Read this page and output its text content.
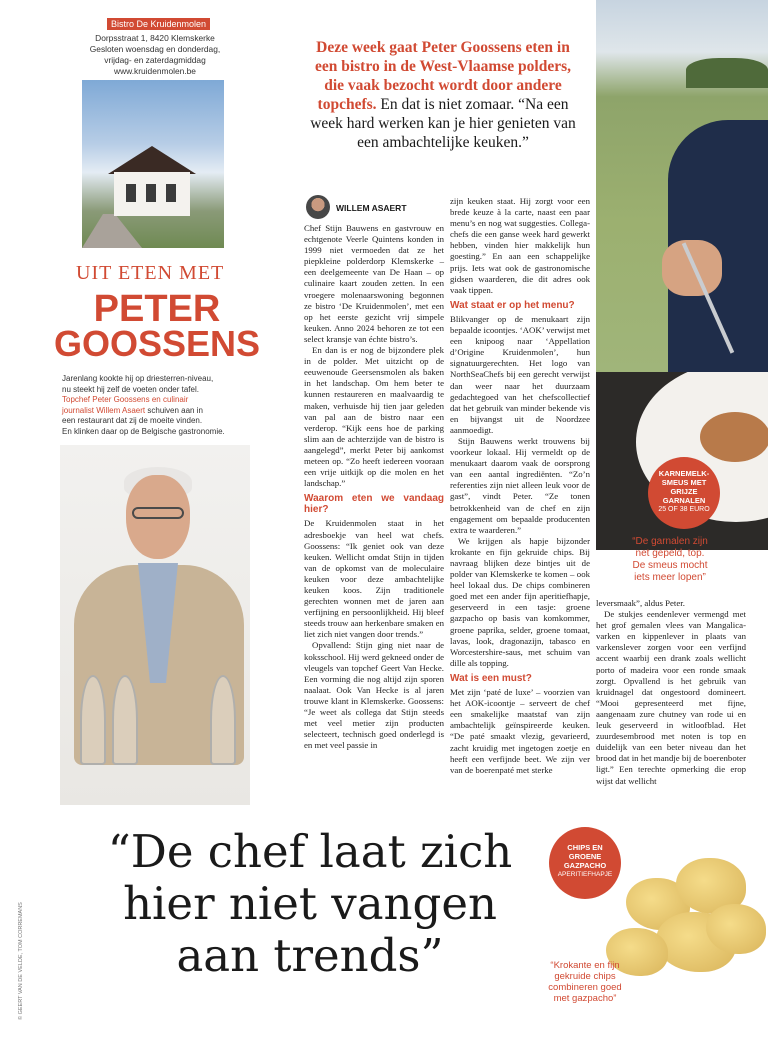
Bistro De Kruidenmolen
Dorpsstraat 1, 8420 Klemskerke
Gesloten woensdag en donderdag,
vrijdag- en zaterdagmiddag
www.kruidenmolen.be
UIT ETEN MET
PETER
GOOSSENS
Jarenlang kookte hij op driesterren-niveau,
nu steekt hij zelf de voeten onder tafel.
Topchef Peter Goossens en culinair
journalist Willem Asaert schuiven aan in
een restaurant dat zij de moeite vinden.
En klinken daar op de Belgische gastronomie.
Deze week gaat Peter Goossens eten in een bistro in de West-Vlaamse polders, die vaak bezocht wordt door andere topchefs. En dat is niet zomaar. “Na een week hard werken kan je hier genieten van een ambachtelijke keuken.”
WILLEM ASAERT

Chef Stijn Bauwens en gastvrouw en echtgenote Veerle Quintens konden in 1999 niet vermoeden dat ze het piepkleine polderdorp Klemskerke – een deelgemeente van De Haan – op culinaire kaart zouden zetten. In een vroegere molenaarswoning begonnen ze bistro ‘De Kruidenmolen’, met een op het eerste gezicht vrij simpele keuken. Anno 2024 behoren ze tot een select kransje van échte bistro’s.

En dan is er nog de bijzondere plek in de polder. Met uitzicht op de eeuwenoude Geersensmolen als baken in het landschap. Om hem beter te kunnen restaureren en maalvaardig te maken, verhuisde hij tien jaar geleden van pal aan de bistro naar een verderop. “Kijk eens hoe de parking slim aan de achterzijde van de bistro is aangelegd”, merkt Peter bij aankomst meteen op. “Zo heeft iedereen vooraan een vrije uitkijk op die molen en het landschap.”

Waarom eten we vandaag hier?

De Kruidenmolen staat in het adresboekje van heel wat chefs. Goossens: “Ik geniet ook van deze keuken. Wellicht omdat Stijn in tijden van de opkomst van de moleculaire keuken voor deze ambachtelijke keuken koos. Zijn traditionele gerechten wonnen met de jaren aan verfijning en persoonlijkheid. Hij bleef steeds trouw aan herkenbare smaken en liet zich niet vangen door trends.”

Opvallend: Stijn ging niet naar de koksschool. Hij werd gekneed onder de vleugels van topchef Geert Van Hecke. Een vorming die nog altijd zijn sporen naalaat. Ook Van Hecke is al jaren trouwe klant in Klemskerke. Goossens: “Je weet als collega dat Stijn steeds met veel metier zijn producten selecteert, technisch goed onderlegd is en met veel passie in

zijn keuken staat. Hij zorgt voor een brede keuze à la carte, naast een paar menu’s en nog wat suggesties. Collega-chefs die een ganse week hard gewerkt hebben, vinden hier makkelijk hun goesting.” En aan een schappelijke prijs. Iets wat ook de gastronomische gidsen waarderen, die dit adres ook vaak tippen.

Wat staat er op het menu?

Blikvanger op de menukaart zijn bepaalde icoontjes. ‘AOK’ verwijst met een knipoog naar ‘Appellation d’Origine Kruidenmolen’, hun signatuurgerechten. Het logo van NorthSeaChefs bij een gerecht verwijst dan weer naar het duurzaam gedachtegoed van het chefscollectief dat het gebruik van minder bekende vis en bijvangst uit de Noordzee aanmoedigt.

Stijn Bauwens werkt trouwens bij voorkeur lokaal. Hij vermeldt op de menukaart daarom vaak de oorsprong van een aantal ingrediënten. “Zo’n referenties zijn niet alleen leuk voor de gast”, vindt Peter. “Ze tonen betrokkenheid van de chef en zijn engagement om bepaalde producenten extra te waarderen.”

We krijgen als hapje bijzonder krokante en fijn gekruide chips. Bij navraag blijken deze bintjes uit de polder van Klemskerke te komen – ook heel lokaal dus. De chips combineren goed met een ander fijn aperitiefhapje, geserveerd in een tasje: groene gazpacho op basis van komkommer, groene paprika, selder, groene tomaat, lavas, look, dragonazijn, tabasco en Worcestershire-saus, met schuim van dille als topping.

Wat is een must?

Met zijn ‘paté de luxe’ – voorzien van het AOK-icoontje – serveert de chef een smakelijke maatstaf van zijn ambachtelijk geïnspireerde keuken. “De paté smaakt vlezig, gevarieerd, zacht kruidig met ingetogen zoetje en heeft een verfijnde beet. We zijn ver van de boerenpaté met sterke

leversmaak”, aldus Peter.

De stukjes eendenlever vermengd met het grof gemalen vlees van Mangalica-varken en kippenlever in plaats van varkenslever zorgen voor een verfijnd accent waarbij een drank zoals wellicht porto of madeira voor een ronde smaak zorgt. Opvallend is het gebruik van kruidnagel dat ongestoord domineert. “Mooi gepresenteerd met fijne, aangenaam zure chutney van rode ui en leuk geserveerd in witloofblad. Het zuurdesembrood met noten is top en duidelijk van een beter niveau dan het brood dat in het mandje bij de boerenboter ligt.” Een terechte opmerking die erop wijst dat wellicht

KARNEMELK-
SMEUS MET
GRIJZE
GARNALEN
25 OF 38 EURO
“De garnalen zijn
net gepeld, top.
De smeus mocht
iets meer lopen”
CHIPS EN
GROENE
GAZPACHO
APERITIEFHAPJE
“Krokante en fijn
gekruide chips
combineren goed
met gazpacho”
“De chef laat zich
hier niet vangen
aan trends”
© GEERT VAN DE VELDE, TOM CORREMANS
